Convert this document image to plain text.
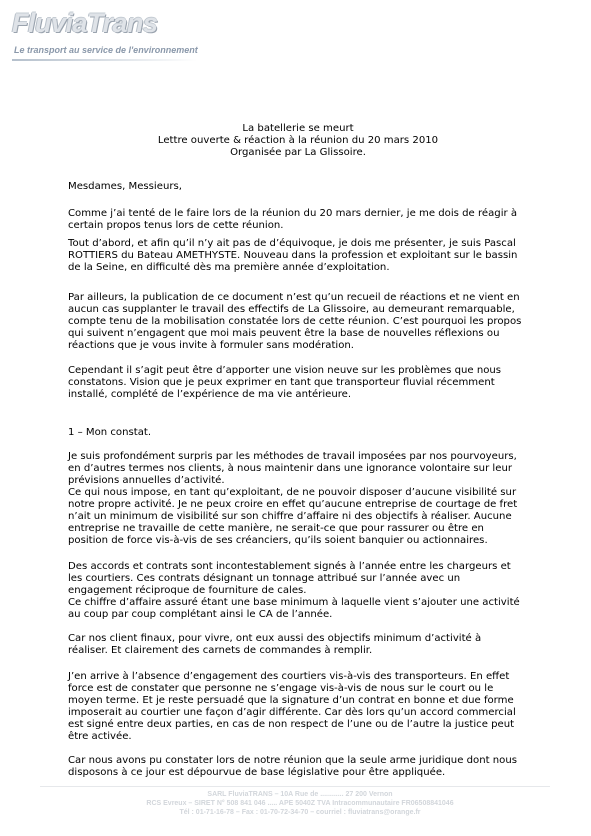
FluviaTrans
Le transport au service de l'environnement
La batellerie se meurt
Lettre ouverte & réaction à la réunion du 20 mars 2010
Organisée par La Glissoire.
Mesdames, Messieurs,
Comme j’ai tenté de le faire lors de la réunion du 20 mars dernier, je me dois de réagir à
certain propos tenus lors de cette réunion.
Tout d’abord, et afin qu’il n’y ait pas de d’équivoque, je dois me présenter, je suis Pascal
ROTTIERS du Bateau AMETHYSTE. Nouveau dans la profession et exploitant sur le bassin
de la Seine, en difficulté dès ma première année d’exploitation.
Par ailleurs, la publication de ce document n’est qu’un recueil de réactions et ne vient en
aucun cas supplanter le travail des effectifs de La Glissoire, au demeurant remarquable,
compte tenu de la mobilisation constatée lors de cette réunion. C’est pourquoi les propos
qui suivent n’engagent que moi mais peuvent être la base de nouvelles réflexions ou
réactions que je vous invite à formuler sans modération.
Cependant il s’agit peut être d’apporter une vision neuve sur les problèmes que nous
constatons. Vision que je peux exprimer en tant que transporteur fluvial récemment
installé, complété de l’expérience de ma vie antérieure.
1 – Mon constat.
Je suis profondément surpris par les méthodes de travail imposées par nos pourvoyeurs,
en d’autres termes nos clients, à nous maintenir dans une ignorance volontaire sur leur
prévisions annuelles d’activité.
Ce qui nous impose, en tant qu’exploitant, de ne pouvoir disposer d’aucune visibilité sur
notre propre activité. Je ne peux croire en effet qu’aucune entreprise de courtage de fret
n’ait un minimum de visibilité sur son chiffre d’affaire ni des objectifs à réaliser. Aucune
entreprise ne travaille de cette manière, ne serait-ce que pour rassurer ou être en
position de force vis-à-vis de ses créanciers, qu’ils soient banquier ou actionnaires.
Des accords et contrats sont incontestablement signés à l’année entre les chargeurs et
les courtiers. Ces contrats désignant un tonnage attribué sur l’année avec un
engagement réciproque de fourniture de cales.
Ce chiffre d’affaire assuré étant une base minimum à laquelle vient s’ajouter une activité
au coup par coup complétant ainsi le CA de l’année.
Car nos client finaux, pour vivre, ont eux aussi des objectifs minimum d’activité à
réaliser. Et clairement des carnets de commandes à remplir.
J’en arrive à l’absence d’engagement des courtiers vis-à-vis des transporteurs. En effet
force est de constater que personne ne s’engage vis-à-vis de nous sur le court ou le
moyen terme. Et je reste persuadé que la signature d’un contrat en bonne et due forme
imposerait au courtier une façon d’agir différente. Car dès lors qu’un accord commercial
est signé entre deux parties, en cas de non respect de l’une ou de l’autre la justice peut
être activée.
Car nous avons pu constater lors de notre réunion que la seule arme juridique dont nous
disposons à ce jour est dépourvue de base législative pour être appliquée.
SARL FluviaTRANS – 10A Rue de ............ 27 200 Vernon
RCS Evreux – SIRET N° 508 841 046 ..... APE 5040Z TVA Intracommunautaire FR06508841046
Tél : 01-71-16-78 – Fax : 01-70-72-34-70 – courriel : fluviatrans@orange.fr
